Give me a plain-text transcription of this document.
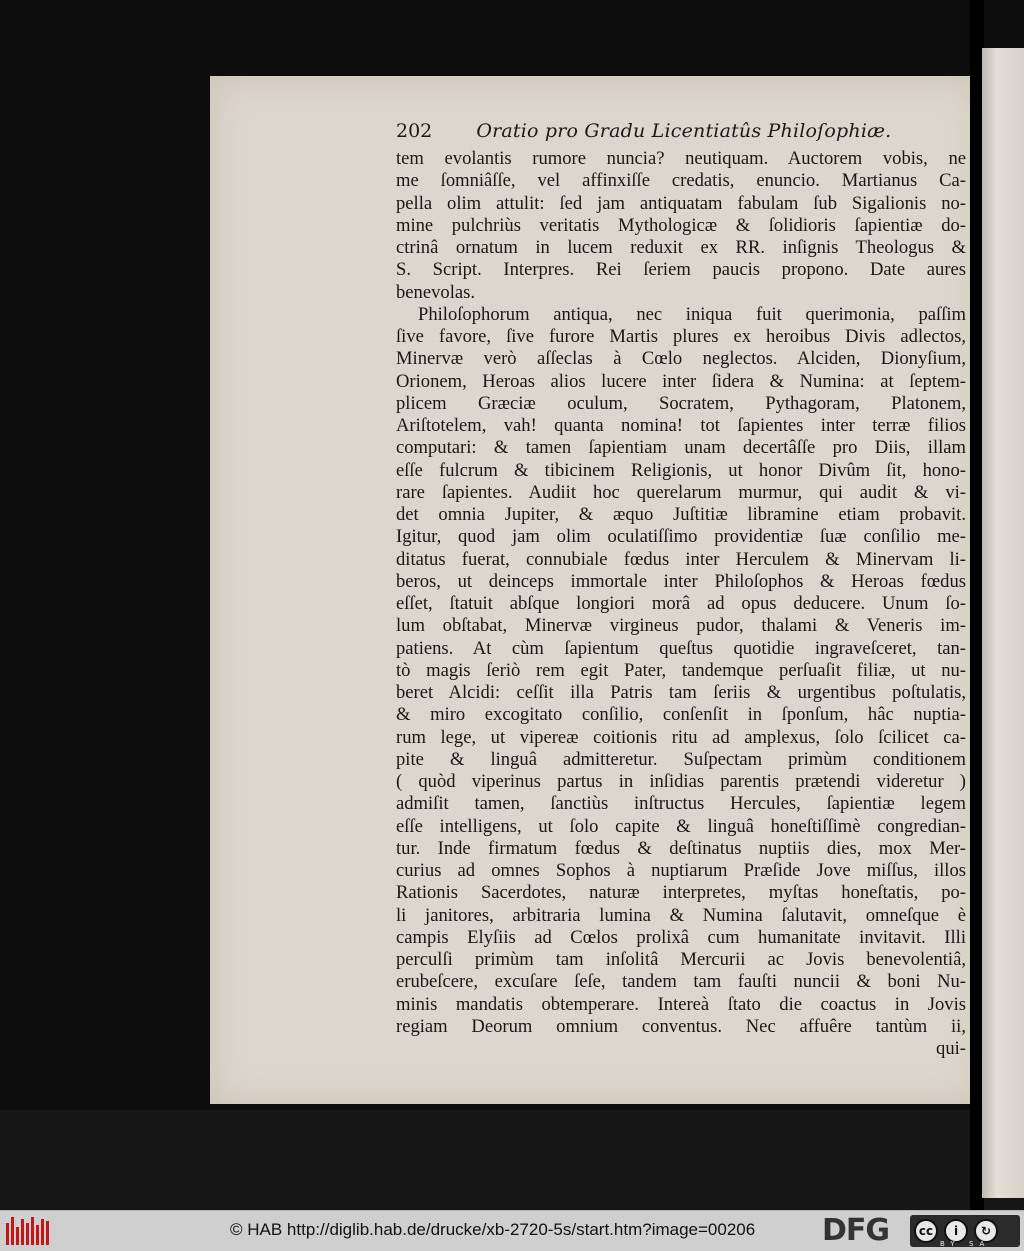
202 Oratio pro Gradu Licentiatûs Philoſophiæ.
tem evolantis rumore nuncia? neutiquam. Auctorem vobis, ne
me ſomniâſſe, vel affinxiſſe credatis, enuncio. Martianus Ca-
pella olim attulit: ſed jam antiquatam fabulam ſub Sigalionis no-
mine pulchriùs veritatis Mythologicæ & ſolidioris ſapientiæ do-
ctrinâ ornatum in lucem reduxit ex RR. inſignis Theologus &
S. Script. Interpres. Rei ſeriem paucis propono. Date aures
benevolas.
Philoſophorum antiqua, nec iniqua fuit querimonia, paſſim
ſive favore, ſive furore Martis plures ex heroibus Divis adlectos,
Minervæ verò aſſeclas à Cœlo neglectos. Alciden, Dionyſium,
Orionem, Heroas alios lucere inter ſidera & Numina: at ſeptem-
plicem Græciæ oculum, Socratem, Pythagoram, Platonem,
Ariſtotelem, vah! quanta nomina! tot ſapientes inter terræ filios
computari: & tamen ſapientiam unam decertâſſe pro Diis, illam
eſſe fulcrum & tibicinem Religionis, ut honor Divûm ſit, hono-
rare ſapientes. Audiit hoc querelarum murmur, qui audit & vi-
det omnia Jupiter, & æquo Juſtitiæ libramine etiam probavit.
Igitur, quod jam olim oculatiſſimo providentiæ ſuæ conſilio me-
ditatus fuerat, connubiale fœdus inter Herculem & Minervam li-
beros, ut deinceps immortale inter Philoſophos & Heroas fœdus
eſſet, ſtatuit abſque longiori morâ ad opus deducere. Unum ſo-
lum obſtabat, Minervæ virgineus pudor, thalami & Veneris im-
patiens. At cùm ſapientum queſtus quotidie ingraveſceret, tan-
tò magis ſeriò rem egit Pater, tandemque perſuaſit filiæ, ut nu-
beret Alcidi: ceſſit illa Patris tam ſeriis & urgentibus poſtulatis,
& miro excogitato conſilio, conſenſit in ſponſum, hâc nuptia-
rum lege, ut vipereæ coitionis ritu ad amplexus, ſolo ſcilicet ca-
pite & linguâ admitteretur. Suſpectam primùm conditionem
( quòd viperinus partus in inſidias parentis prætendi videretur )
admiſit tamen, ſanctiùs inſtructus Hercules, ſapientiæ legem
eſſe intelligens, ut ſolo capite & linguâ honeſtiſſimè congredian-
tur. Inde firmatum fœdus & deſtinatus nuptiis dies, mox Mer-
curius ad omnes Sophos à nuptiarum Præſide Jove miſſus, illos
Rationis Sacerdotes, naturæ interpretes, myſtas honeſtatis, po-
li janitores, arbitraria lumina & Numina ſalutavit, omneſque è
campis Elyſiis ad Cœlos prolixâ cum humanitate invitavit. Illi
perculſi primùm tam inſolitâ Mercurii ac Jovis benevolentiâ,
erubeſcere, excuſare ſeſe, tandem tam fauſti nuncii & boni Nu-
minis mandatis obtemperare. Intereà ſtato die coactus in Jovis
regiam Deorum omnium conventus. Nec affuêre tantùm ii,
qui-
© HAB http://diglib.hab.de/drucke/xb-2720-5s/start.htm?image=00206 DFG	cc	i	↻
BY SA
